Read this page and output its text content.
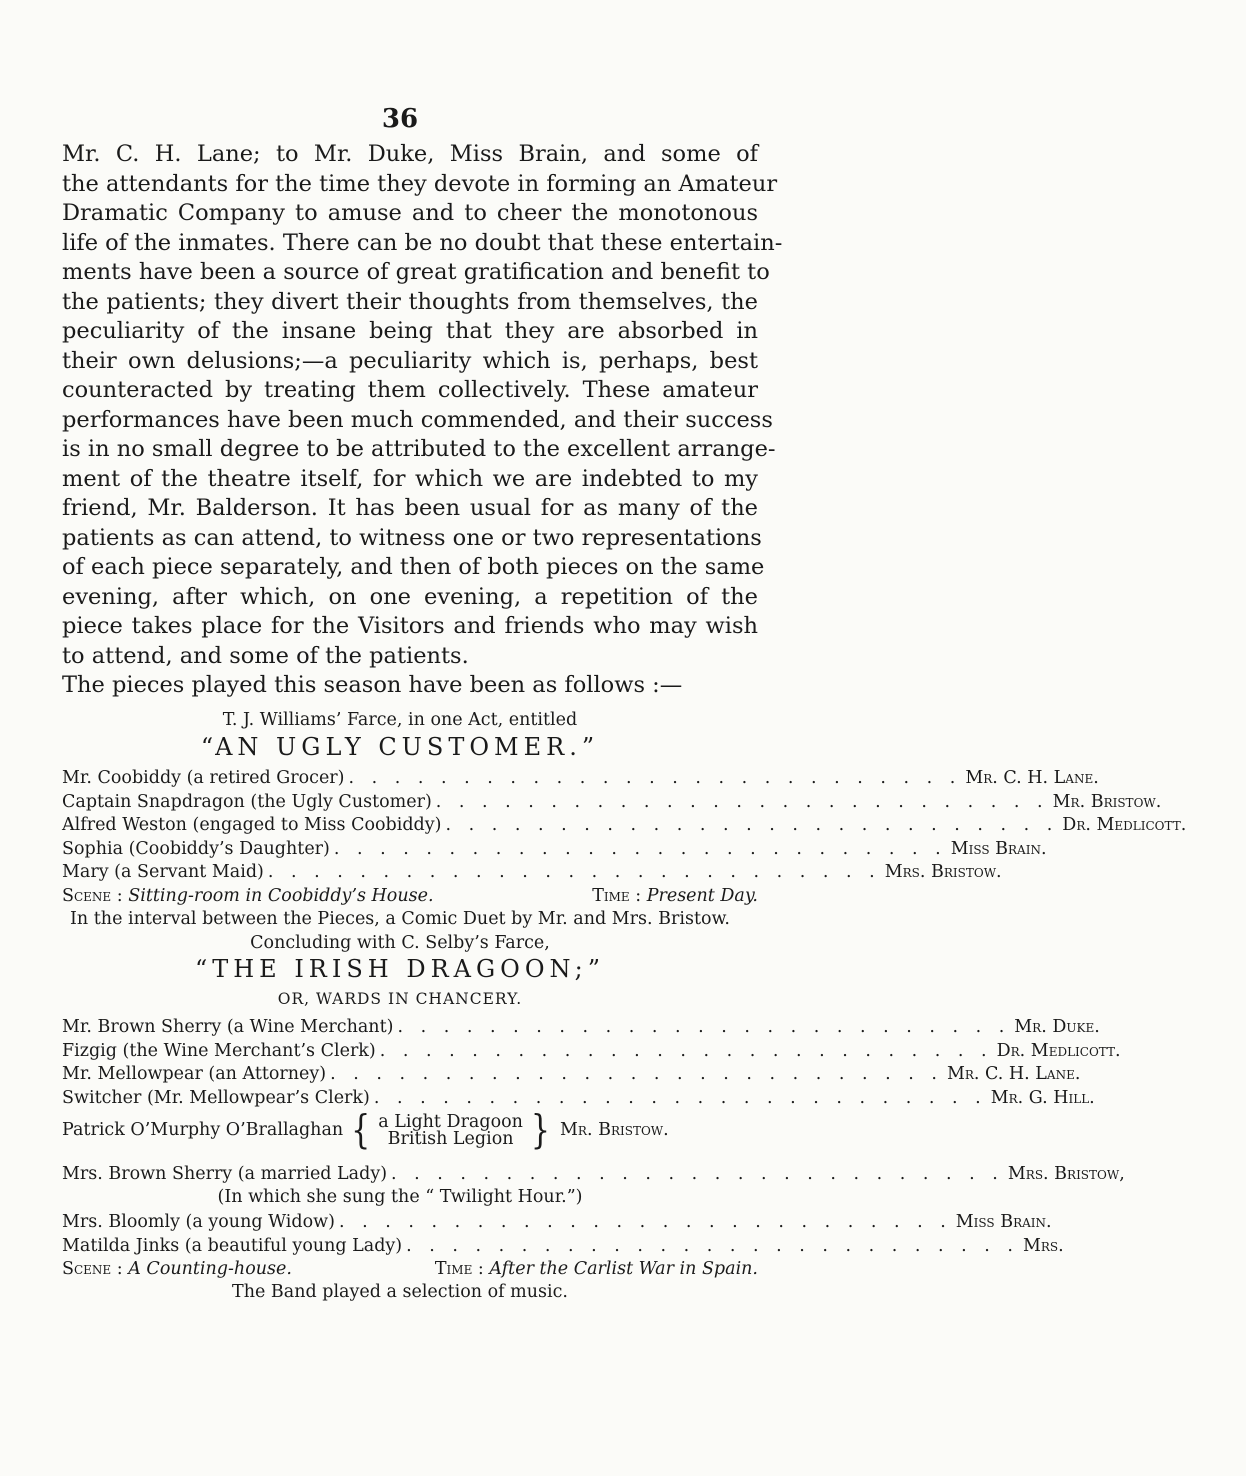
36
Mr. C. H. Lane; to Mr. Duke, Miss Brain, and some of
the attendants for the time they devote in forming an Amateur
Dramatic Company to amuse and to cheer the monotonous
life of the inmates. There can be no doubt that these entertain-
ments have been a source of great gratification and benefit to
the patients; they divert their thoughts from themselves, the
peculiarity of the insane being that they are absorbed in
their own delusions;—a peculiarity which is, perhaps, best
counteracted by treating them collectively. These amateur
performances have been much commended, and their success
is in no small degree to be attributed to the excellent arrange-
ment of the theatre itself, for which we are indebted to my
friend, Mr. Balderson. It has been usual for as many of the
patients as can attend, to witness one or two representations
of each piece separately, and then of both pieces on the same
evening, after which, on one evening, a repetition of the
piece takes place for the Visitors and friends who may wish
to attend, and some of the patients.
The pieces played this season have been as follows :—
T. J. Williams’ Farce, in one Act, entitled
“AN UGLY CUSTOMER.”
Mr. Coobiddy (a retired Grocer) . . . . . . . . . . . . . . . . . . . . . . . . . . . Mr. C. H. Lane.
Captain Snapdragon (the Ugly Customer) . . . . . . . . . . . . . . . . . . . . . . . . . . . Mr. Bristow.
Alfred Weston (engaged to Miss Coobiddy) . . . . . . . . . . . . . . . . . . . . . . . . . . . Dr. Medlicott.
Sophia (Coobiddy’s Daughter) . . . . . . . . . . . . . . . . . . . . . . . . . . . Miss Brain.
Mary (a Servant Maid) . . . . . . . . . . . . . . . . . . . . . . . . . . . Mrs. Bristow.
Scene : Sitting-room in Coobiddy’s House.	Time : Present Day.
In the interval between the Pieces, a Comic Duet by Mr. and Mrs. Bristow.
Concluding with C. Selby’s Farce,
“THE IRISH DRAGOON;”
OR, WARDS IN CHANCERY.
Mr. Brown Sherry (a Wine Merchant) . . . . . . . . . . . . . . . . . . . . . . . . . . . Mr. Duke.
Fizgig (the Wine Merchant’s Clerk) . . . . . . . . . . . . . . . . . . . . . . . . . . . Dr. Medlicott.
Mr. Mellowpear (an Attorney) . . . . . . . . . . . . . . . . . . . . . . . . . . . Mr. C. H. Lane.
Switcher (Mr. Mellowpear’s Clerk) . . . . . . . . . . . . . . . . . . . . . . . . . . . Mr. G. Hill.
Patrick O’Murphy O’Brallaghan { a Light Dragoon
British Legion } Mr. Bristow.
Mrs. Brown Sherry (a married Lady) . . . . . . . . . . . . . . . . . . . . . . . . . . . Mrs. Bristow,
(In which she sung the “ Twilight Hour.”)
Mrs. Bloomly (a young Widow) . . . . . . . . . . . . . . . . . . . . . . . . . . . Miss Brain.
Matilda Jinks (a beautiful young Lady) . . . . . . . . . . . . . . . . . . . . . . . . . . . Mrs.
Scene : A Counting-house.	Time : After the Carlist War in Spain.
The Band played a selection of music.
